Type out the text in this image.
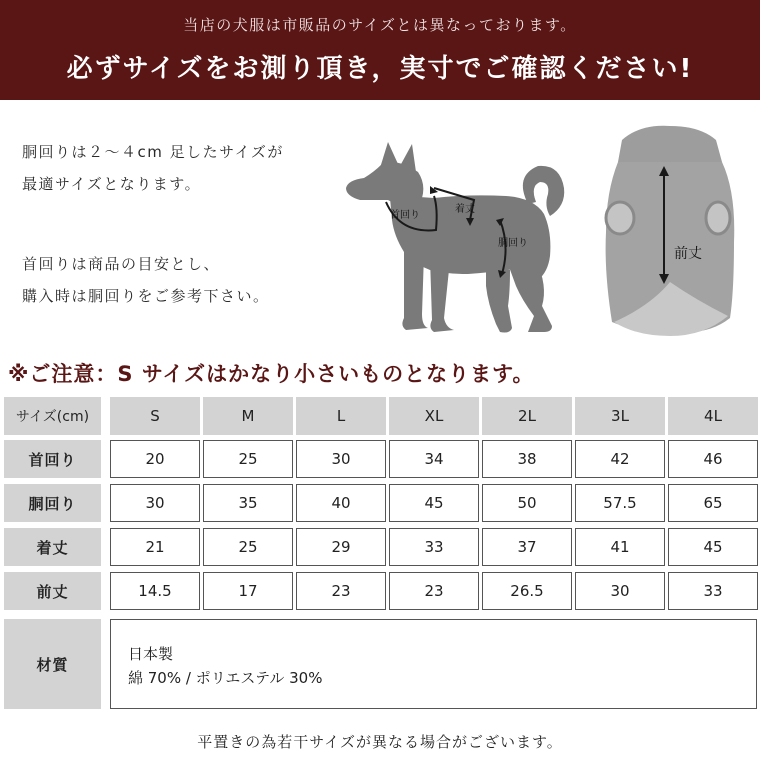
当店の犬服は市販品のサイズとは異なっております。
必ずサイズをお測り頂き，実寸でご確認ください!
胴回りは２～４cm 足したサイズが
最適サイズとなります。
首回りは商品の目安とし、
購入時は胴回りをご参考下さい。
首回り
着丈
胴回り
前丈
※ご注意：S サイズはかなり小さいものとなります。
サイズ(cm)	S	M	L	XL	2L	3L	4L
首回り	20	25	30	34	38	42	46
胴回り	30	35	40	45	50	57.5	65
着丈	21	25	29	33	37	41	45
前丈	14.5	17	23	23	26.5	30	33
材質
日本製
綿 70% / ポリエステル 30%
平置きの為若干サイズが異なる場合がございます。
